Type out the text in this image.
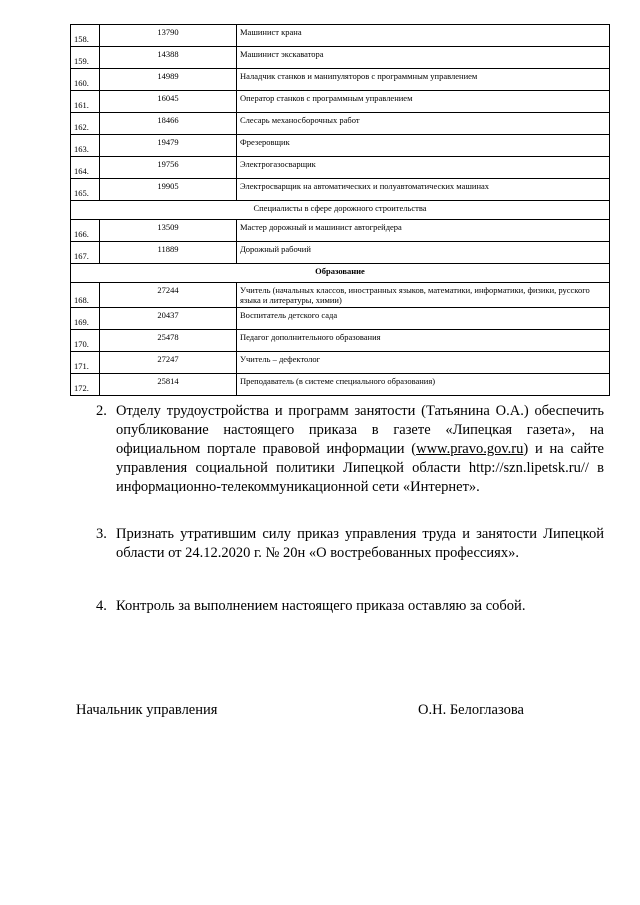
158.	13790	Машинист крана
159.	14388	Машинист экскаватора
160.	14989	Наладчик станков и манипуляторов с программным управлением
161.	16045	Оператор станков с программным управлением
162.	18466	Слесарь механосборочных работ
163.	19479	Фрезеровщик
164.	19756	Электрогазосварщик
165.	19905	Электросварщик на автоматических и полуавтоматических машинах
Специалисты в сфере дорожного строительства		
166.	13509	Мастер дорожный и машинист автогрейдера
167.	11889	Дорожный рабочий
Образование		
168.	27244	Учитель (начальных классов, иностранных языков, математики, информатики, физики, русского языка и литературы, химии)
169.	20437	Воспитатель детского сада
170.	25478	Педагог дополнительного образования
171.	27247	Учитель – дефектолог
172.	25814	Преподаватель (в системе специального образования)
2. Отделу трудоустройства и программ занятости (Татьянина О.А.) обеспечить опубликование настоящего приказа в газете «Липецкая газета», на официальном портале правовой информации (www.pravo.gov.ru) и на сайте управления социальной политики Липецкой области http://szn.lipetsk.ru// в информационно-телекоммуникационной сети «Интернет».
3. Признать утратившим силу приказ управления труда и занятости Липецкой области от 24.12.2020 г. № 20н «О востребованных профессиях».
4. Контроль за выполнением настоящего приказа оставляю за собой.
Начальник управления	О.Н. Белоглазова
